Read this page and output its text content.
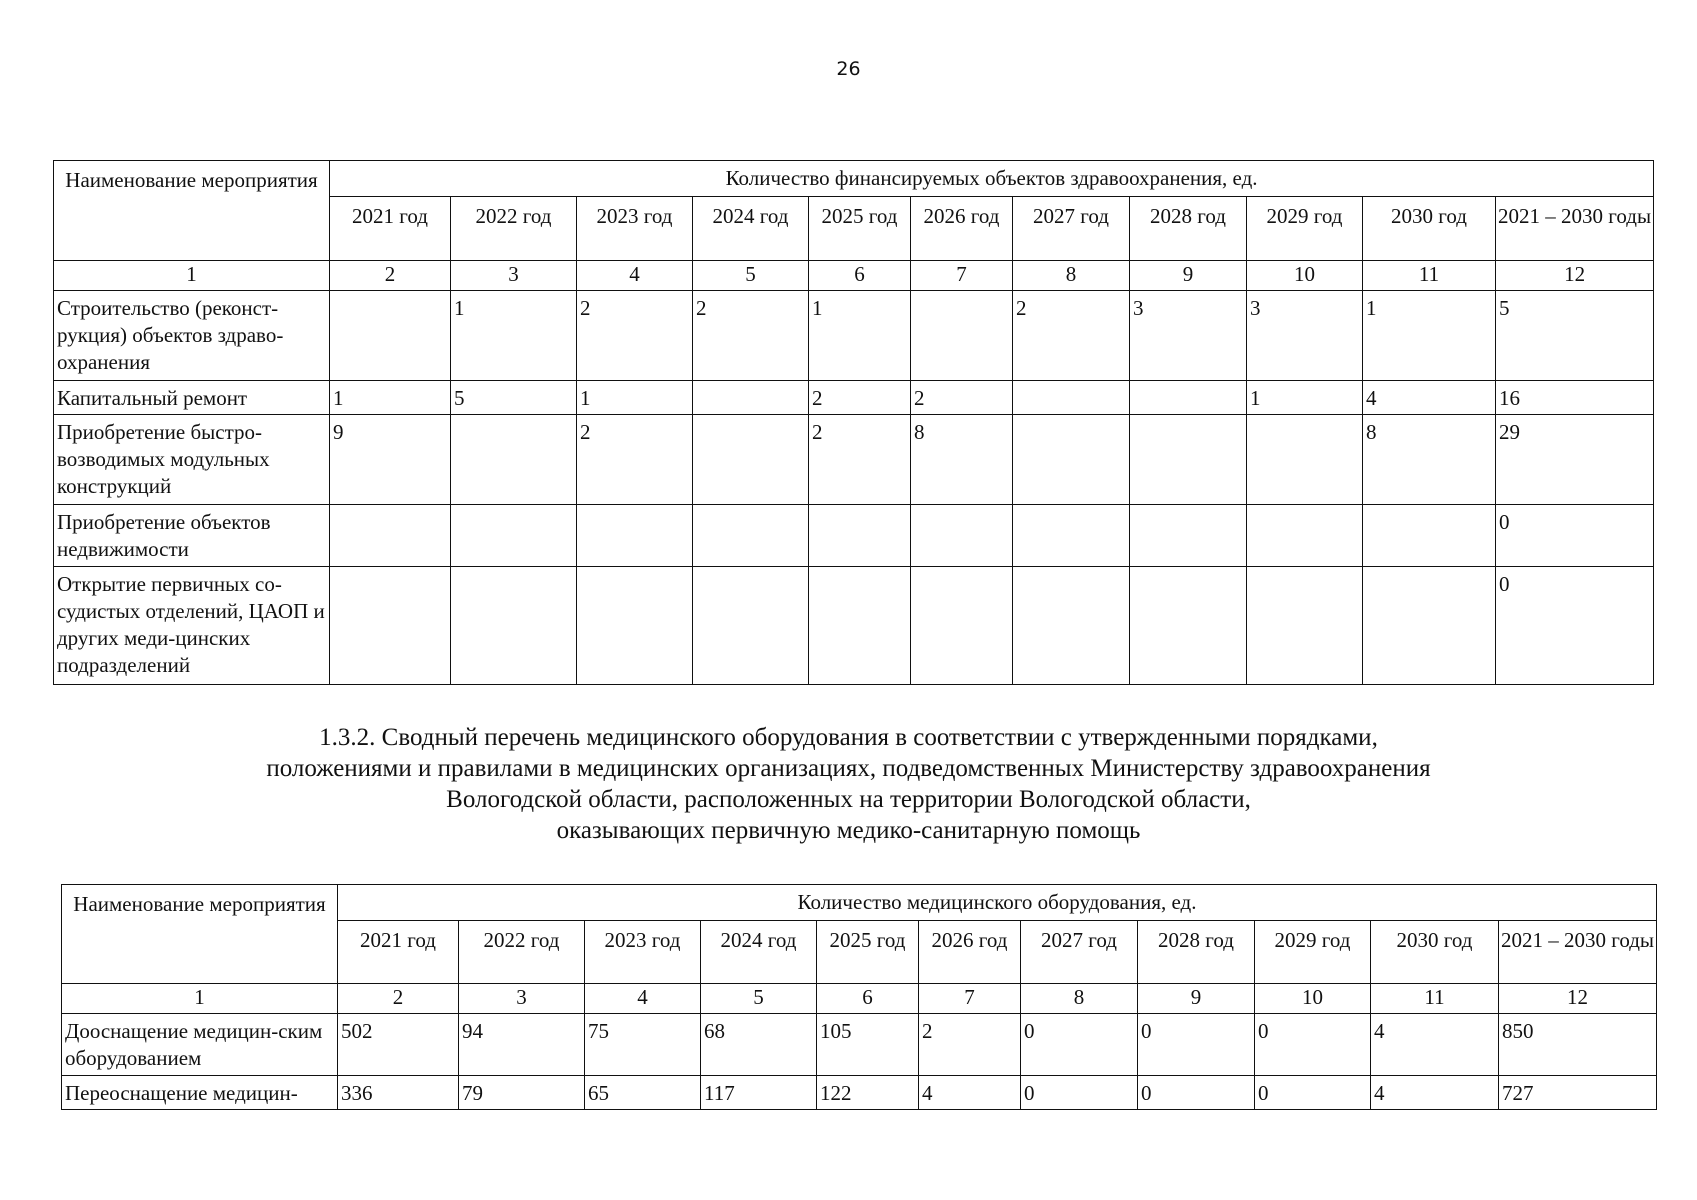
26
Наименование мероприятия	Количество финансируемых объектов здравоохранения, ед.										
	2021 год	2022 год	2023 год	2024 год	2025 год	2026 год	2027 год	2028 год	2029 год	2030 год	2021 – 2030 годы
1	2	3	4	5	6	7	8	9	10	11	12
Строительство (реконст-рукция) объектов здраво-охранения		1	2	2	1		2	3	3	1	5
Капитальный ремонт	1	5	1		2	2			1	4	16
Приобретение быстро-возводимых модульных конструкций	9		2		2	8				8	29
Приобретение объектов недвижимости											0
Открытие первичных со-судистых отделений, ЦАОП и других меди-цинских подразделений											0
1.3.2. Сводный перечень медицинского оборудования в соответствии с утвержденными порядками,
положениями и правилами в медицинских организациях, подведомственных Министерству здравоохранения
Вологодской области, расположенных на территории Вологодской области,
оказывающих первичную медико-санитарную помощь
Наименование мероприятия	Количество медицинского оборудования, ед.										
	2021 год	2022 год	2023 год	2024 год	2025 год	2026 год	2027 год	2028 год	2029 год	2030 год	2021 – 2030 годы
1	2	3	4	5	6	7	8	9	10	11	12
Дооснащение медицин-ским оборудованием	502	94	75	68	105	2	0	0	0	4	850
Переоснащение медицин-	336	79	65	117	122	4	0	0	0	4	727
